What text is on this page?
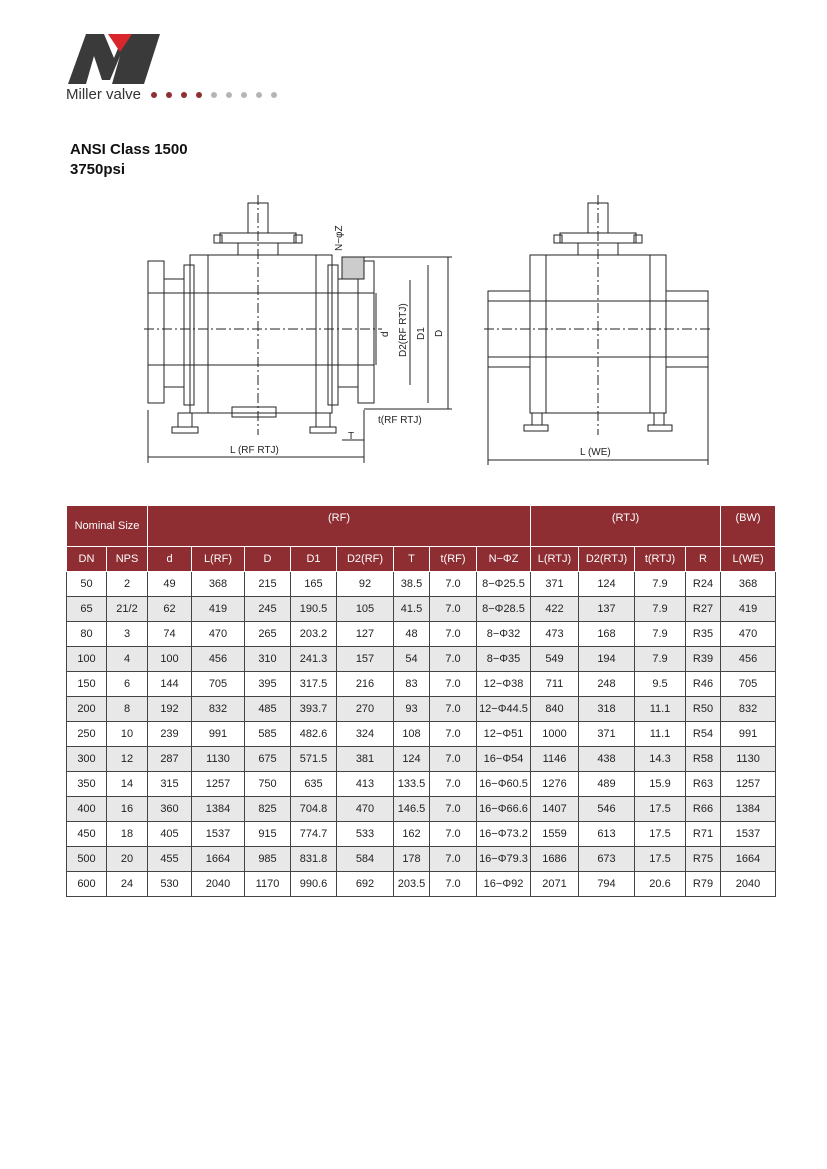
Miller valve
ANSI Class 1500
3750psi
N−φZ
d D2(RF RTJ) D1 D
t(RF RTJ)
T
L (RF RTJ)	L (WE)
Nominal Size		(RF)								(RTJ)				(BW)
DN	NPS	d	L(RF)	D	D1	D2(RF)	T	t(RF)	N−ΦZ	L(RTJ)	D2(RTJ)	t(RTJ)	R	L(WE)
50	2	49	368	215	165	92	38.5	7.0	8−Φ25.5	371	124	7.9	R24	368
65	21/2	62	419	245	190.5	105	41.5	7.0	8−Φ28.5	422	137	7.9	R27	419
80	3	74	470	265	203.2	127	48	7.0	8−Φ32	473	168	7.9	R35	470
100	4	100	456	310	241.3	157	54	7.0	8−Φ35	549	194	7.9	R39	456
150	6	144	705	395	317.5	216	83	7.0	12−Φ38	711	248	9.5	R46	705
200	8	192	832	485	393.7	270	93	7.0	12−Φ44.5	840	318	11.1	R50	832
250	10	239	991	585	482.6	324	108	7.0	12−Φ51	1000	371	11.1	R54	991
300	12	287	1130	675	571.5	381	124	7.0	16−Φ54	1146	438	14.3	R58	1130
350	14	315	1257	750	635	413	133.5	7.0	16−Φ60.5	1276	489	15.9	R63	1257
400	16	360	1384	825	704.8	470	146.5	7.0	16−Φ66.6	1407	546	17.5	R66	1384
450	18	405	1537	915	774.7	533	162	7.0	16−Φ73.2	1559	613	17.5	R71	1537
500	20	455	1664	985	831.8	584	178	7.0	16−Φ79.3	1686	673	17.5	R75	1664
600	24	530	2040	1170	990.6	692	203.5	7.0	16−Φ92	2071	794	20.6	R79	2040
